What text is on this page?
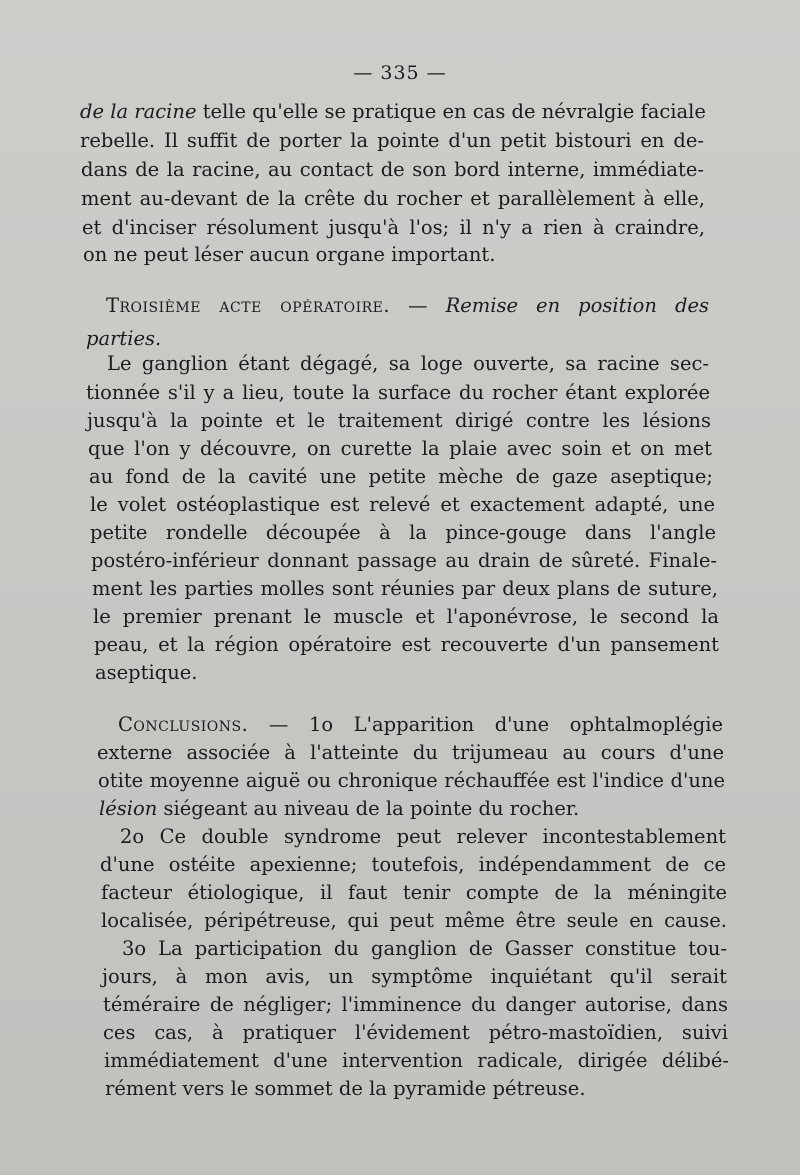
— 335 —
de la racine telle qu'elle se pratique en cas de névralgie faciale
rebelle. Il suffit de porter la pointe d'un petit bistouri en de-
dans de la racine, au contact de son bord interne, immédiate-
ment au-devant de la crête du rocher et parallèlement à elle,
et d'inciser résolument jusqu'à l'os; il n'y a rien à craindre,
on ne peut léser aucun organe important.
Troisième acte opératoire. — Remise en position des
parties.
Le ganglion étant dégagé, sa loge ouverte, sa racine sec-
tionnée s'il y a lieu, toute la surface du rocher étant explorée
jusqu'à la pointe et le traitement dirigé contre les lésions
que l'on y découvre, on curette la plaie avec soin et on met
au fond de la cavité une petite mèche de gaze aseptique;
le volet ostéoplastique est relevé et exactement adapté, une
petite rondelle découpée à la pince-gouge dans l'angle
postéro-inférieur donnant passage au drain de sûreté. Finale-
ment les parties molles sont réunies par deux plans de suture,
le premier prenant le muscle et l'aponévrose, le second la
peau, et la région opératoire est recouverte d'un pansement
aseptique.
Conclusions. — 1o L'apparition d'une ophtalmoplégie
externe associée à l'atteinte du trijumeau au cours d'une
otite moyenne aiguë ou chronique réchauffée est l'indice d'une
lésion siégeant au niveau de la pointe du rocher.
2o Ce double syndrome peut relever incontestablement
d'une ostéite apexienne; toutefois, indépendamment de ce
facteur étiologique, il faut tenir compte de la méningite
localisée, péripétreuse, qui peut même être seule en cause.
3o La participation du ganglion de Gasser constitue tou-
jours, à mon avis, un symptôme inquiétant qu'il serait
téméraire de négliger; l'imminence du danger autorise, dans
ces cas, à pratiquer l'évidement pétro-mastoïdien, suivi
immédiatement d'une intervention radicale, dirigée délibé-
rément vers le sommet de la pyramide pétreuse.
